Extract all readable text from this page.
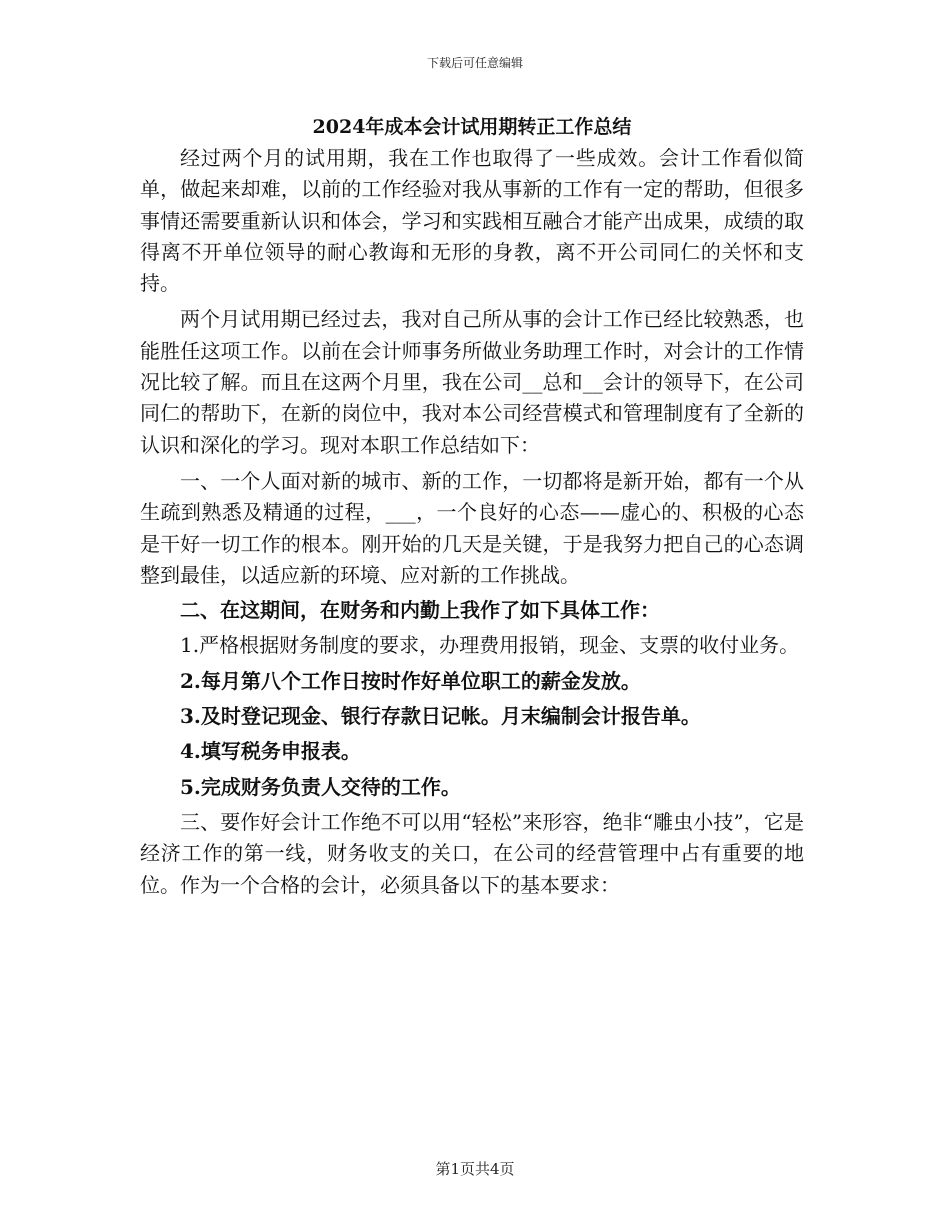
下载后可任意编辑

2024年成本会计试用期转正工作总结

经过两个月的试用期，我在工作也取得了一些成效。会计工作看似简单，做起来却难，以前的工作经验对我从事新的工作有一定的帮助，但很多事情还需要重新认识和体会，学习和实践相互融合才能产出成果，成绩的取得离不开单位领导的耐心教诲和无形的身教，离不开公司同仁的关怀和支持。

两个月试用期已经过去，我对自己所从事的会计工作已经比较熟悉，也能胜任这项工作。以前在会计师事务所做业务助理工作时，对会计的工作情况比较了解。而且在这两个月里，我在公司__总和__会计的领导下，在公司同仁的帮助下，在新的岗位中，我对本公司经营模式和管理制度有了全新的认识和深化的学习。现对本职工作总结如下：

一、一个人面对新的城市、新的工作，一切都将是新开始，都有一个从生疏到熟悉及精通的过程，___，一个良好的心态——虚心的、积极的心态是干好一切工作的根本。刚开始的几天是关键，于是我努力把自己的心态调整到最佳，以适应新的环境、应对新的工作挑战。

二、在这期间，在财务和内勤上我作了如下具体工作：

1.严格根据财务制度的要求，办理费用报销，现金、支票的收付业务。

2.每月第八个工作日按时作好单位职工的薪金发放。

3.及时登记现金、银行存款日记帐。月末编制会计报告单。

4.填写税务申报表。

5.完成财务负责人交待的工作。

三、要作好会计工作绝不可以用“轻松”来形容，绝非“雕虫小技”，它是经济工作的第一线，财务收支的关口，在公司的经营管理中占有重要的地位。作为一个合格的会计，必须具备以下的基本要求：

第1页共4页
